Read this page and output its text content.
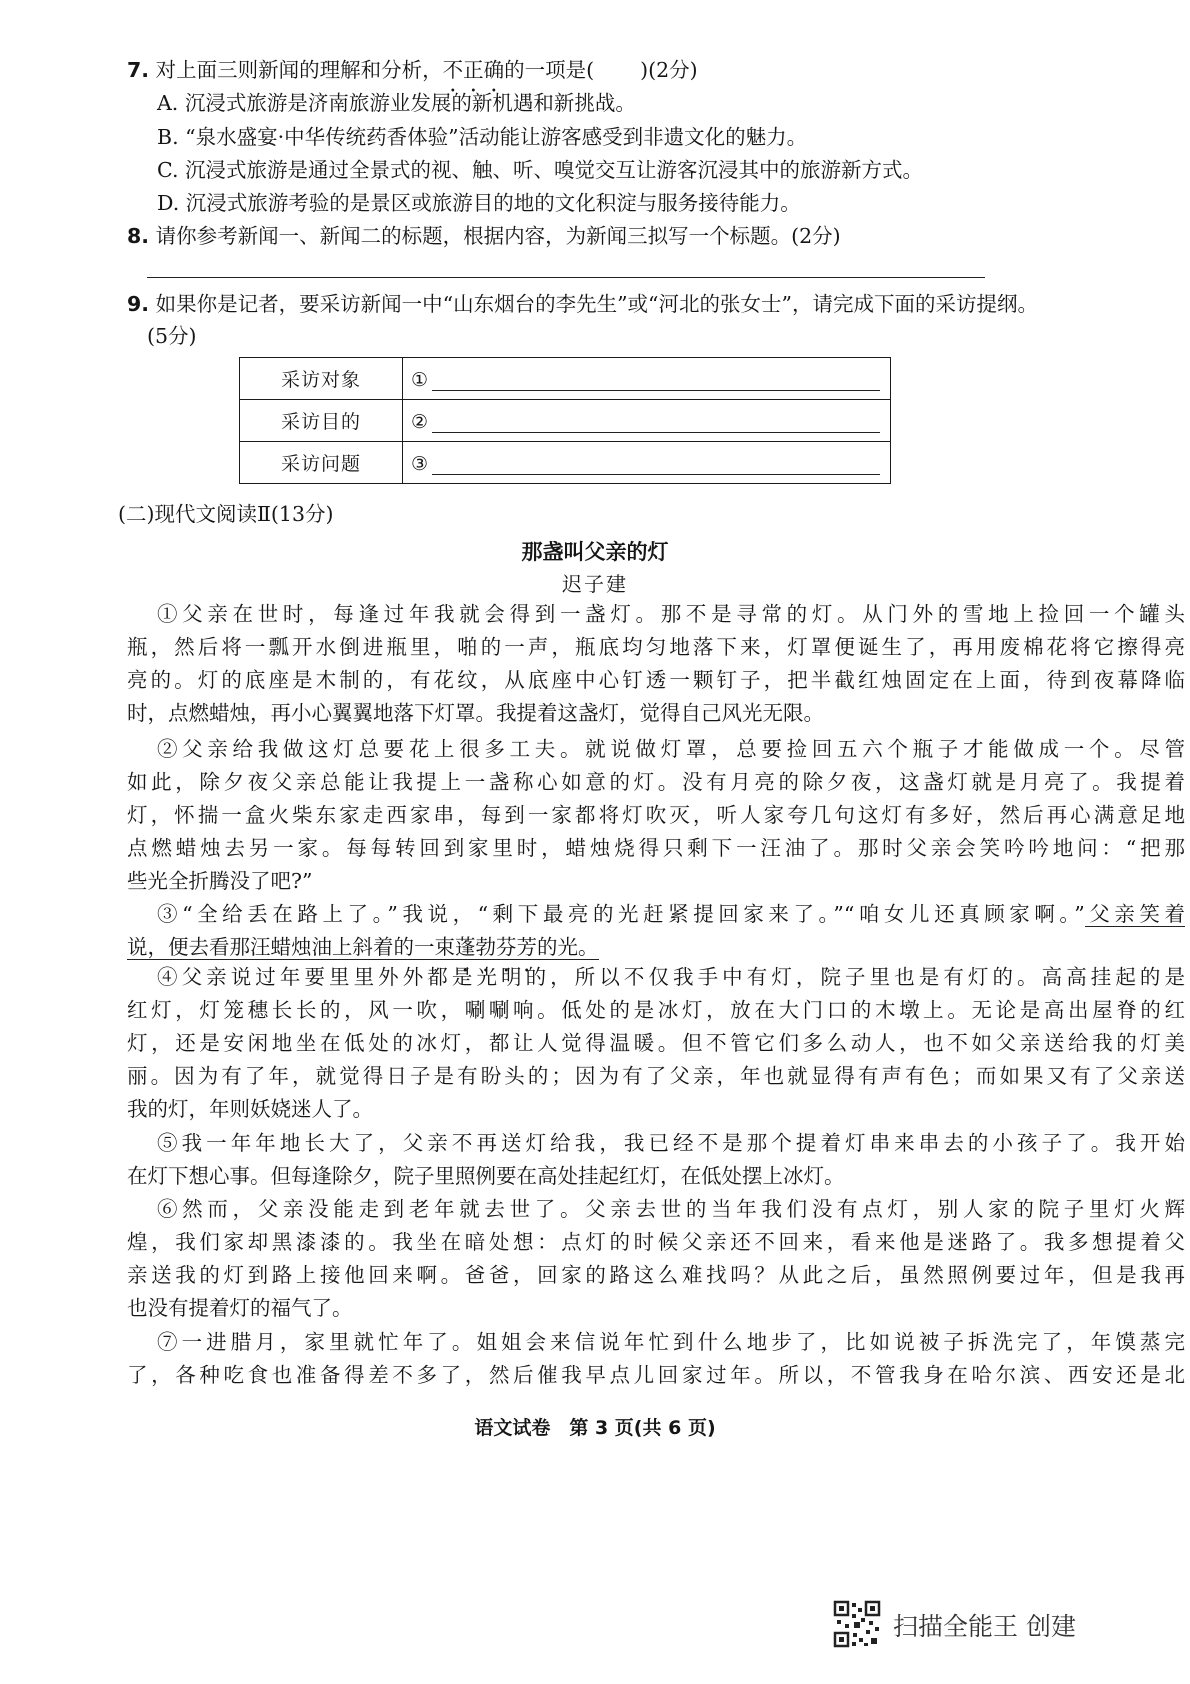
7. 对上面三则新闻的理解和分析，不正确的一项是( )(2分)
A. 沉浸式旅游是济南旅游业发展的新机遇和新挑战。
B. “泉水盛宴·中华传统药香体验”活动能让游客感受到非遗文化的魅力。
C. 沉浸式旅游是通过全景式的视、触、听、嗅觉交互让游客沉浸其中的旅游新方式。
D. 沉浸式旅游考验的是景区或旅游目的地的文化积淀与服务接待能力。
8. 请你参考新闻一、新闻二的标题，根据内容，为新闻三拟写一个标题。(2分)
9. 如果你是记者，要采访新闻一中“山东烟台的李先生”或“河北的张女士”，请完成下面的采访提纲。
(5分)
采访对象	①
采访目的	②
采访问题	③
(二)现代文阅读Ⅱ(13分)
那盏叫父亲的灯
迟子建
①父亲在世时，每逢过年我就会得到一盏灯。那不是寻常的灯。从门外的雪地上捡回一个罐头
瓶，然后将一瓢开水倒进瓶里，啪的一声，瓶底均匀地落下来，灯罩便诞生了，再用废棉花将它擦得亮
亮的。灯的底座是木制的，有花纹，从底座中心钉透一颗钉子，把半截红烛固定在上面，待到夜幕降临
时，点燃蜡烛，再小心翼翼地落下灯罩。我提着这盏灯，觉得自己风光无限。
②父亲给我做这灯总要花上很多工夫。就说做灯罩，总要捡回五六个瓶子才能做成一个。尽管
如此，除夕夜父亲总能让我提上一盏称心如意的灯。没有月亮的除夕夜，这盏灯就是月亮了。我提着
灯，怀揣一盒火柴东家走西家串，每到一家都将灯吹灭，听人家夸几句这灯有多好，然后再心满意足地
点燃蜡烛去另一家。每每转回到家里时，蜡烛烧得只剩下一汪油了。那时父亲会笑吟吟地问：“把那
些光全折腾没了吧?”
③“全给丢在路上了。”我说，“剩下最亮的光赶紧提回家来了。”“咱女儿还真顾家啊。”父亲笑着
说，便去看那汪蜡烛油上斜着的一束蓬勃芬芳的光。
④父亲说过年要里里外外都是光明的，所以不仅我手中有灯，院子里也是有灯的。高高挂起的是
红灯，灯笼穗长长的，风一吹，唰唰响。低处的是冰灯，放在大门口的木墩上。无论是高出屋脊的红
灯，还是安闲地坐在低处的冰灯，都让人觉得温暖。但不管它们多么动人，也不如父亲送给我的灯美
丽。因为有了年，就觉得日子是有盼头的；因为有了父亲，年也就显得有声有色；而如果又有了父亲送
我的灯，年则妖娆迷人了。
⑤我一年年地长大了，父亲不再送灯给我，我已经不是那个提着灯串来串去的小孩子了。我开始
在灯下想心事。但每逢除夕，院子里照例要在高处挂起红灯，在低处摆上冰灯。
⑥然而，父亲没能走到老年就去世了。父亲去世的当年我们没有点灯，别人家的院子里灯火辉
煌，我们家却黑漆漆的。我坐在暗处想：点灯的时候父亲还不回来，看来他是迷路了。我多想提着父
亲送我的灯到路上接他回来啊。爸爸，回家的路这么难找吗？从此之后，虽然照例要过年，但是我再
也没有提着灯的福气了。
⑦一进腊月，家里就忙年了。姐姐会来信说年忙到什么地步了，比如说被子拆洗完了，年馍蒸完
了，各种吃食也准备得差不多了，然后催我早点儿回家过年。所以，不管我身在哈尔滨、西安还是北
语文试卷　第 3 页(共 6 页)
扫描全能王 创建
